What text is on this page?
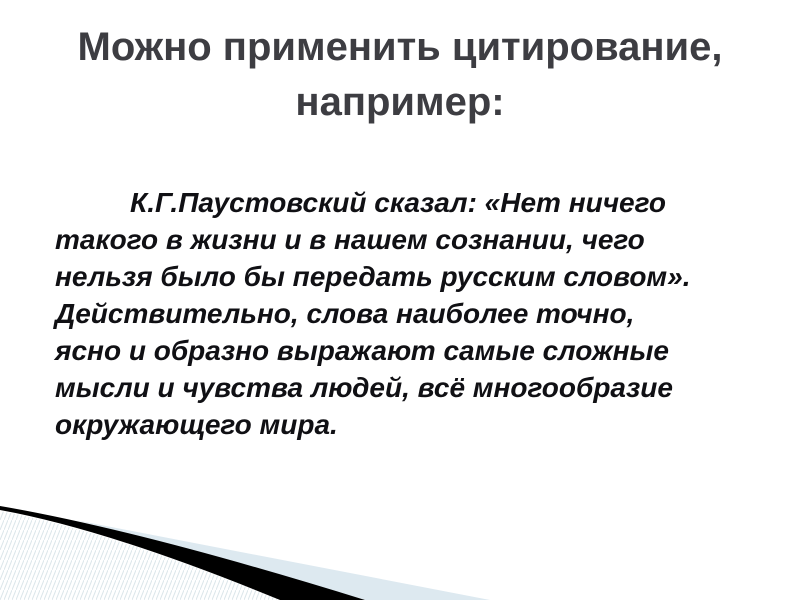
Можно применить цитирование,
например:
К.Г.Паустовский сказал: «Нет ничего
такого в жизни и в нашем сознании, чего
нельзя было бы передать русским словом».
Действительно, слова наиболее точно,
ясно и образно выражают самые сложные
мысли и чувства людей, всё многообразие
окружающего мира.
